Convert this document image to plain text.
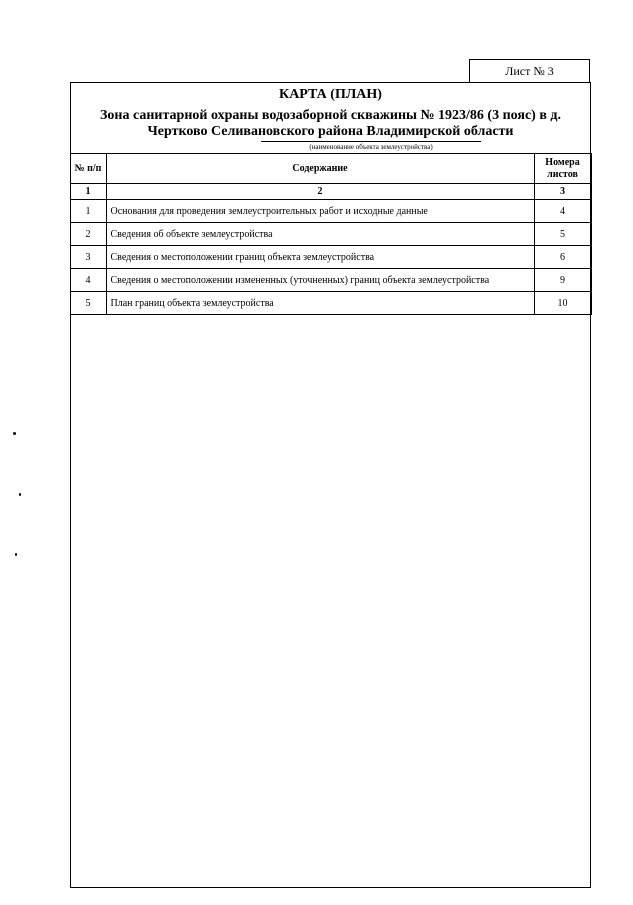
Лист № 3
КАРТА (ПЛАН)
Зона санитарной охраны водозаборной скважины № 1923/86 (3 пояс) в д.
Чертково Селивановского района Владимирской области
(наименование объекта землеустройства)
№ п/п	Содержание	Номера листов
1	2	3
1	Основания для проведения землеустроительных работ и исходные данные	4
2	Сведения об объекте землеустройства	5
3	Сведения о местоположении границ объекта землеустройства	6
4	Сведения о местоположении измененных (уточненных) границ объекта землеустройства	9
5	План границ объекта землеустройства	10
